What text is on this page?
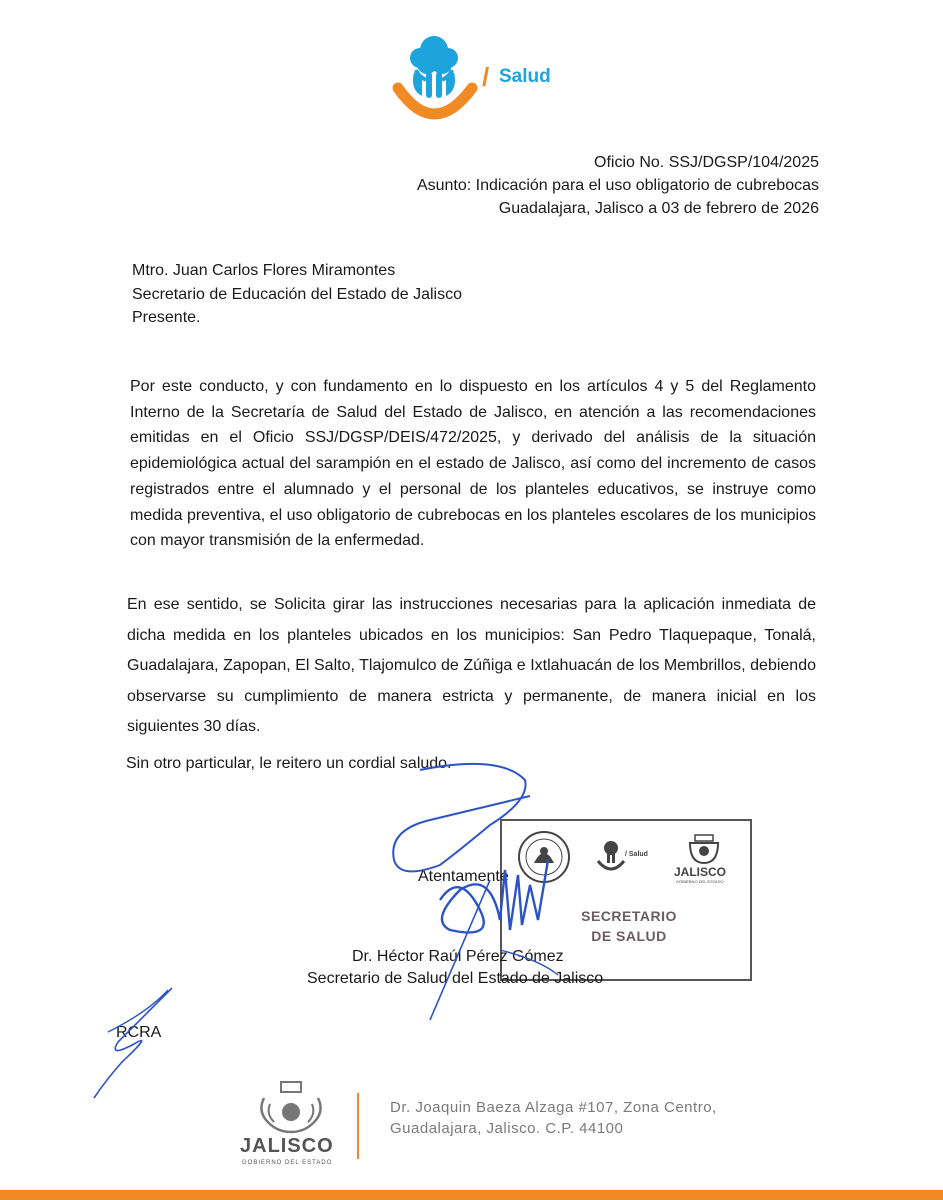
/ Salud
Oficio No. SSJ/DGSP/104/2025
Asunto: Indicación para el uso obligatorio de cubrebocas
Guadalajara, Jalisco a 03 de febrero de 2026
Mtro. Juan Carlos Flores Miramontes
Secretario de Educación del Estado de Jalisco
Presente.
Por este conducto, y con fundamento en lo dispuesto en los artículos 4 y 5 del Reglamento Interno de la Secretaría de Salud del Estado de Jalisco, en atención a las recomendaciones emitidas en el Oficio SSJ/DGSP/DEIS/472/2025, y derivado del análisis de la situación epidemiológica actual del sarampión en el estado de Jalisco, así como del incremento de casos registrados entre el alumnado y el personal de los planteles educativos, se instruye como medida preventiva, el uso obligatorio de cubrebocas en los planteles escolares de los municipios con mayor transmisión de la enfermedad.
En ese sentido, se Solicita girar las instrucciones necesarias para la aplicación inmediata de dicha medida en los planteles ubicados en los municipios: San Pedro Tlaquepaque, Tonalá, Guadalajara, Zapopan, El Salto, Tlajomulco de Zúñiga e Ixtlahuacán de los Membrillos, debiendo observarse su cumplimiento de manera estricta y permanente, de manera inicial en los siguientes 30 días.
Sin otro particular, le reitero un cordial saludo.
/ Salud
JALISCO
GOBIERNO DEL ESTADO
SECRETARIO
DE SALUD
Atentamente
Dr. Héctor Raúl Pérez Gómez
Secretario de Salud del Estado de Jalisco
RCRA
JALISCO
GOBIERNO DEL ESTADO
Dr. Joaquin Baeza Alzaga #107, Zona Centro,
Guadalajara, Jalisco. C.P. 44100
